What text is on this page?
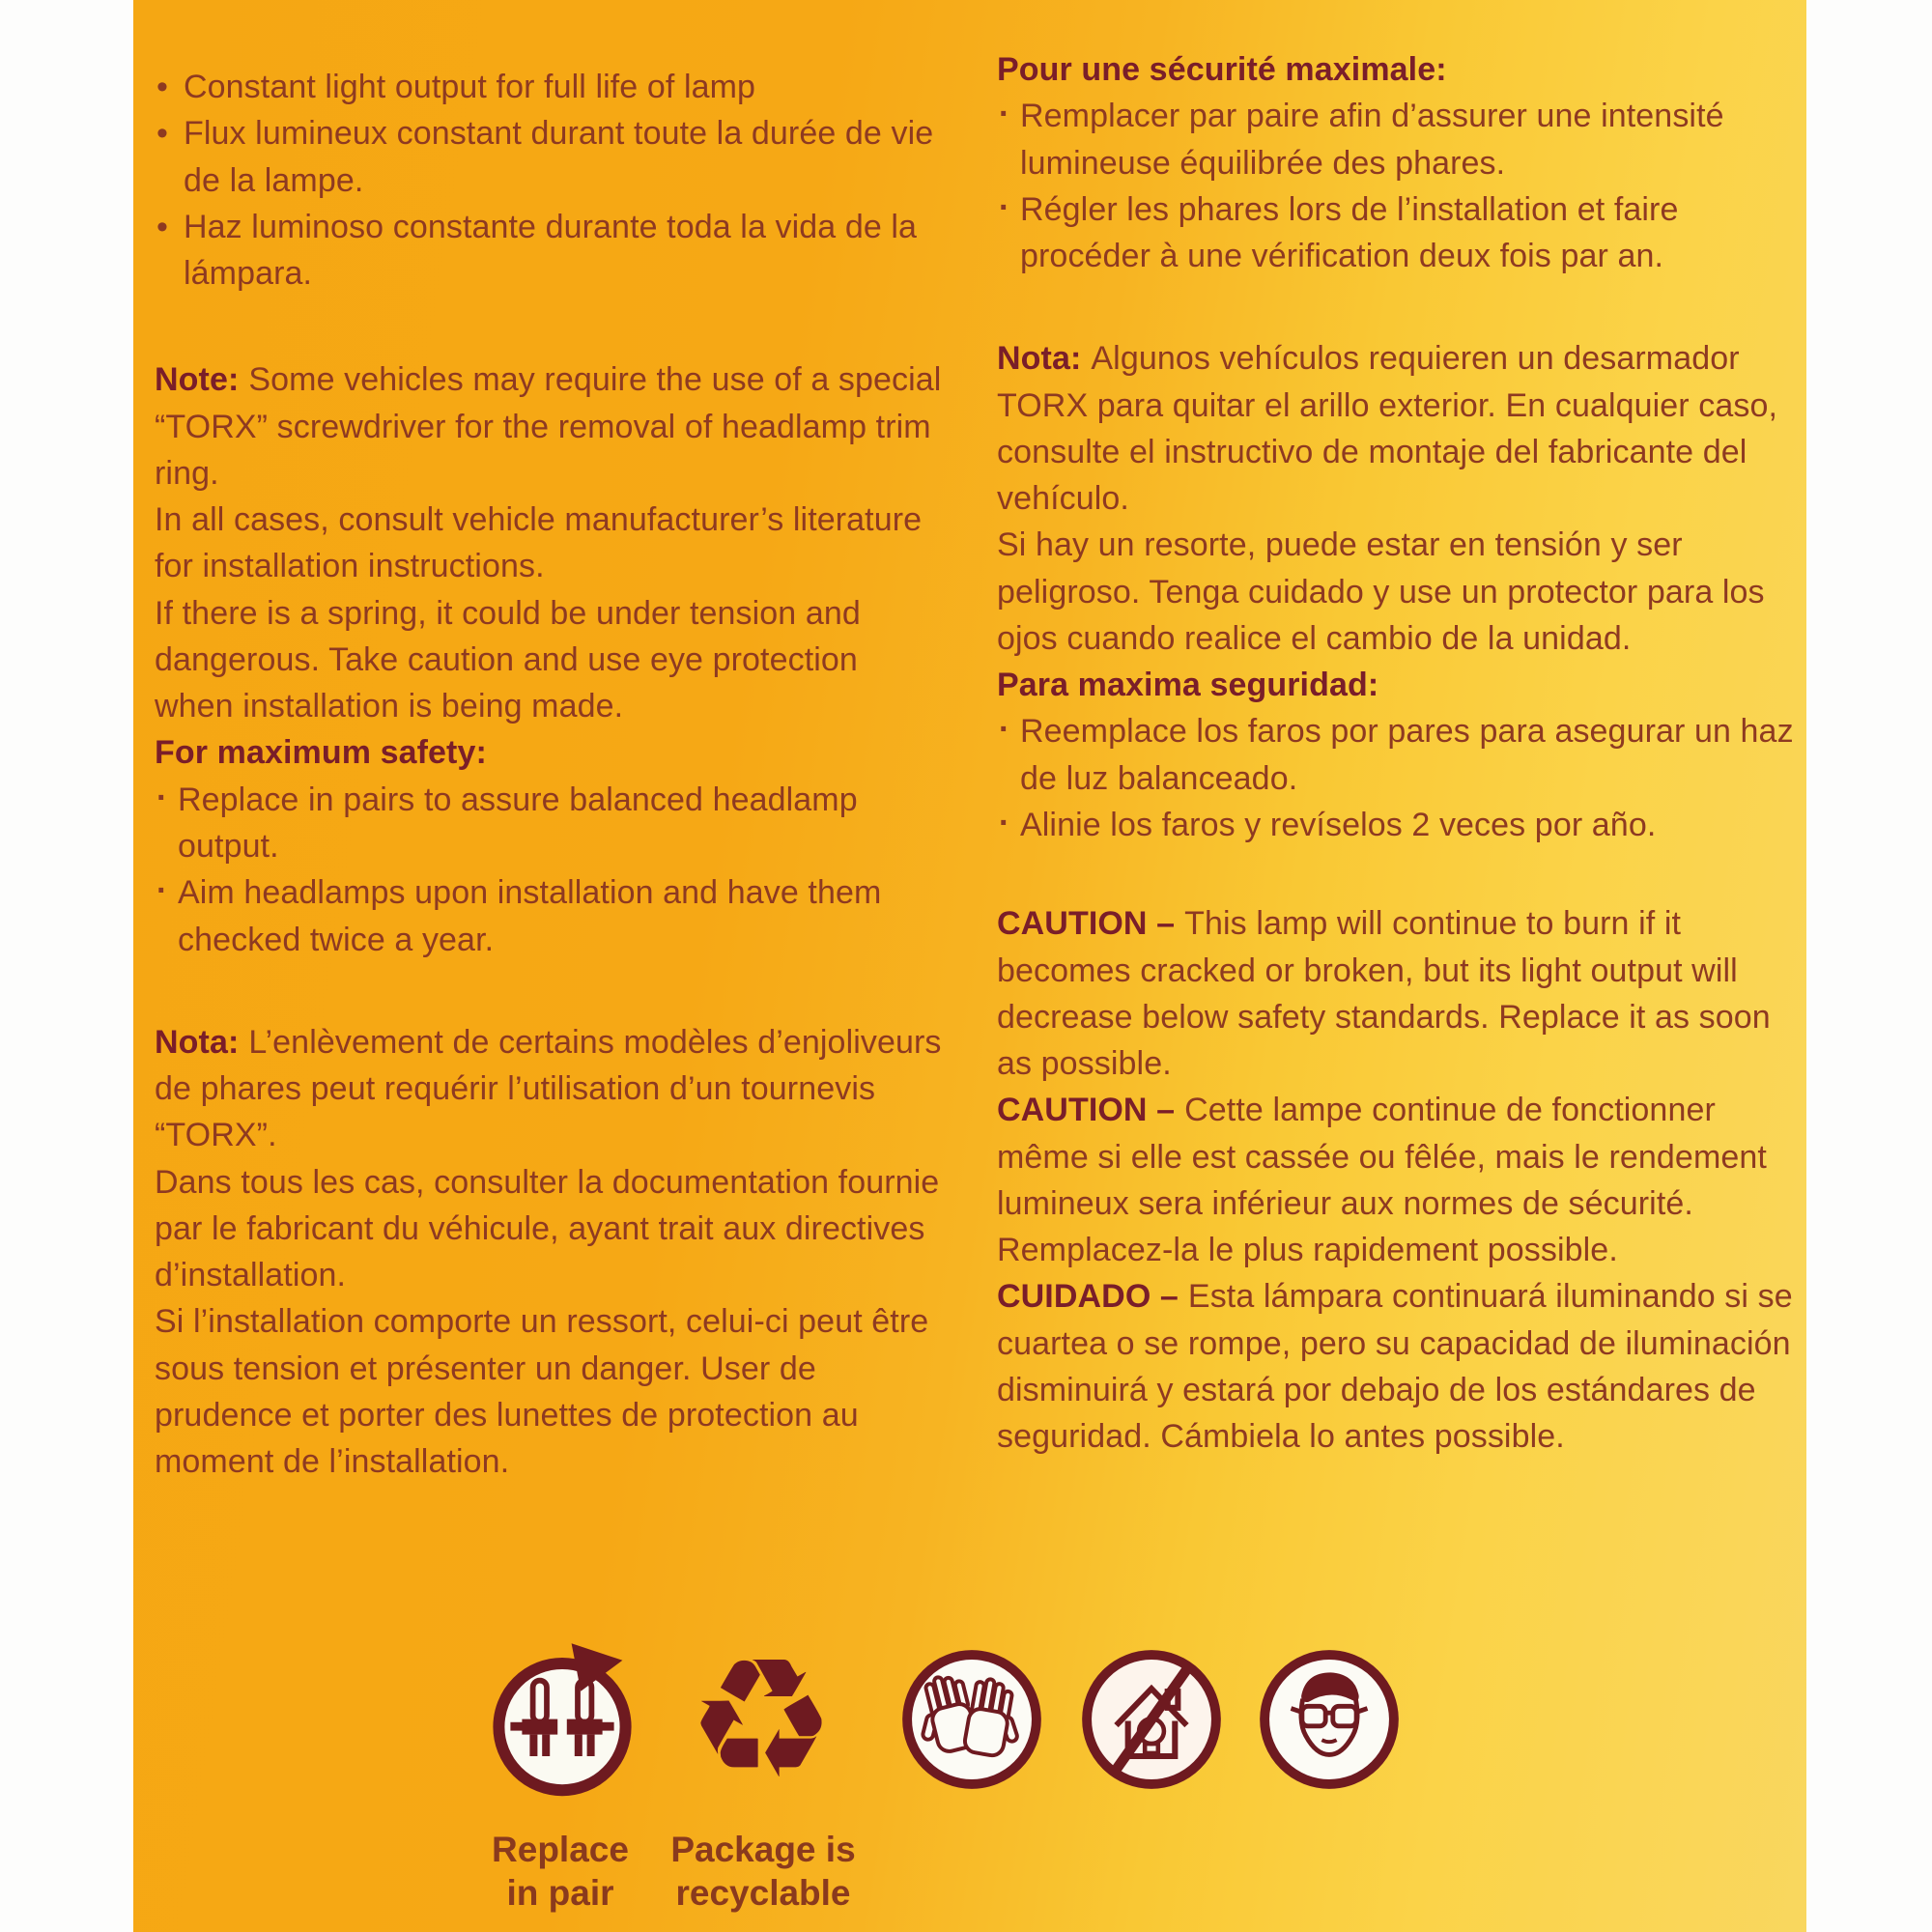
• Constant light output for full life of lamp
• Flux lumineux constant durant toute la durée de vie de la lampe.
• Haz luminoso constante durante toda la vida de la lámpara.

Note: Some vehicles may require the use of a special “TORX” screwdriver for the removal of headlamp trim ring.

In all cases, consult vehicle manufacturer’s literature for installation instructions.

If there is a spring, it could be under tension and dangerous. Take caution and use eye protection when installation is being made.

For maximum safety:

· Replace in pairs to assure balanced headlamp output.

· Aim headlamps upon installation and have them checked twice a year.

Nota: L’enlèvement de certains modèles d’enjoliveurs de phares peut requérir l’utilisation d’un tournevis “TORX”.

Dans tous les cas, consulter la documentation fournie par le fabricant du véhicule, ayant trait aux directives d’installation.

Si l’installation comporte un ressort, celui-ci peut être sous tension et présenter un danger. User de prudence et porter des lunettes de protection au moment de l’installation.

Pour une sécurité maximale:

· Remplacer par paire afin d’assurer une intensité lumineuse équilibrée des phares.

· Régler les phares lors de l’installation et faire procéder à une vérification deux fois par an.

Nota: Algunos vehículos requieren un desarmador TORX para quitar el arillo exterior. En cualquier caso, consulte el instructivo de montaje del fabricante del vehículo.

Si hay un resorte, puede estar en tensión y ser peligroso. Tenga cuidado y use un protector para los ojos cuando realice el cambio de la unidad.

Para maxima seguridad:

· Reemplace los faros por pares para asegurar un haz de luz balanceado.

· Alinie los faros y revíselos 2 veces por año.

CAUTION – This lamp will continue to burn if it becomes cracked or broken, but its light output will decrease below safety standards. Replace it as soon as possible.

CAUTION – Cette lampe continue de fonctionner même si elle est cassée ou fêlée, mais le rendement lumineux sera inférieur aux normes de sécurité. Remplacez-la le plus rapidement possible.

CUIDADO – Esta lámpara continuará iluminando si se cuartea o se rompe, pero su capacidad de iluminación disminuirá y estará por debajo de los estándares de seguridad. Cámbiela lo antes possible.

♻
Replace in pair
Package is recyclable
